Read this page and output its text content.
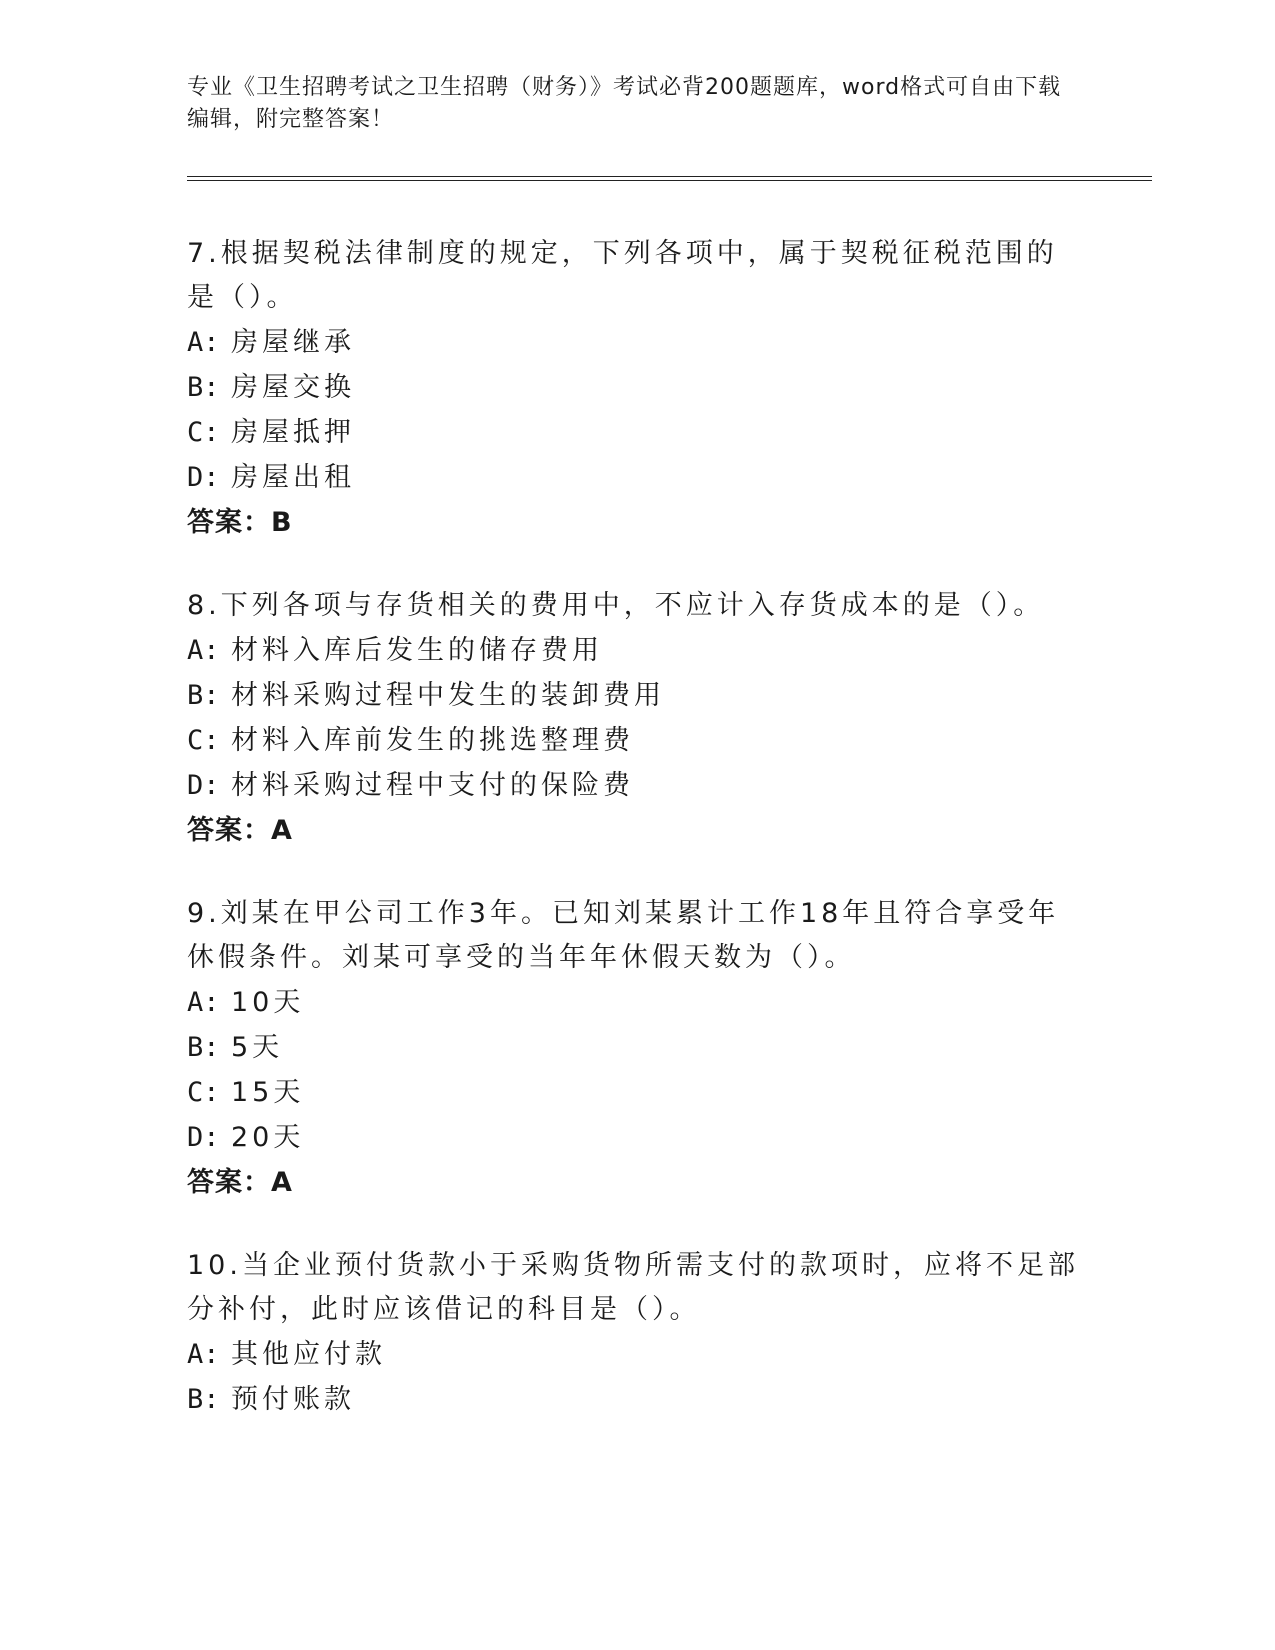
专业《卫生招聘考试之卫生招聘（财务）》考试必背200题题库，word格式可自由下载编辑，附完整答案！
7.根据契税法律制度的规定，下列各项中，属于契税征税范围的是（）。
A: 房屋继承
B: 房屋交换
C: 房屋抵押
D: 房屋出租
答案：B
8.下列各项与存货相关的费用中，不应计入存货成本的是（）。
A: 材料入库后发生的储存费用
B: 材料采购过程中发生的装卸费用
C: 材料入库前发生的挑选整理费
D: 材料采购过程中支付的保险费
答案：A
9.刘某在甲公司工作3年。已知刘某累计工作18年且符合享受年休假条件。刘某可享受的当年年休假天数为（）。
A: 10天
B: 5天
C: 15天
D: 20天
答案：A
10.当企业预付货款小于采购货物所需支付的款项时，应将不足部分补付，此时应该借记的科目是（）。
A: 其他应付款
B: 预付账款
